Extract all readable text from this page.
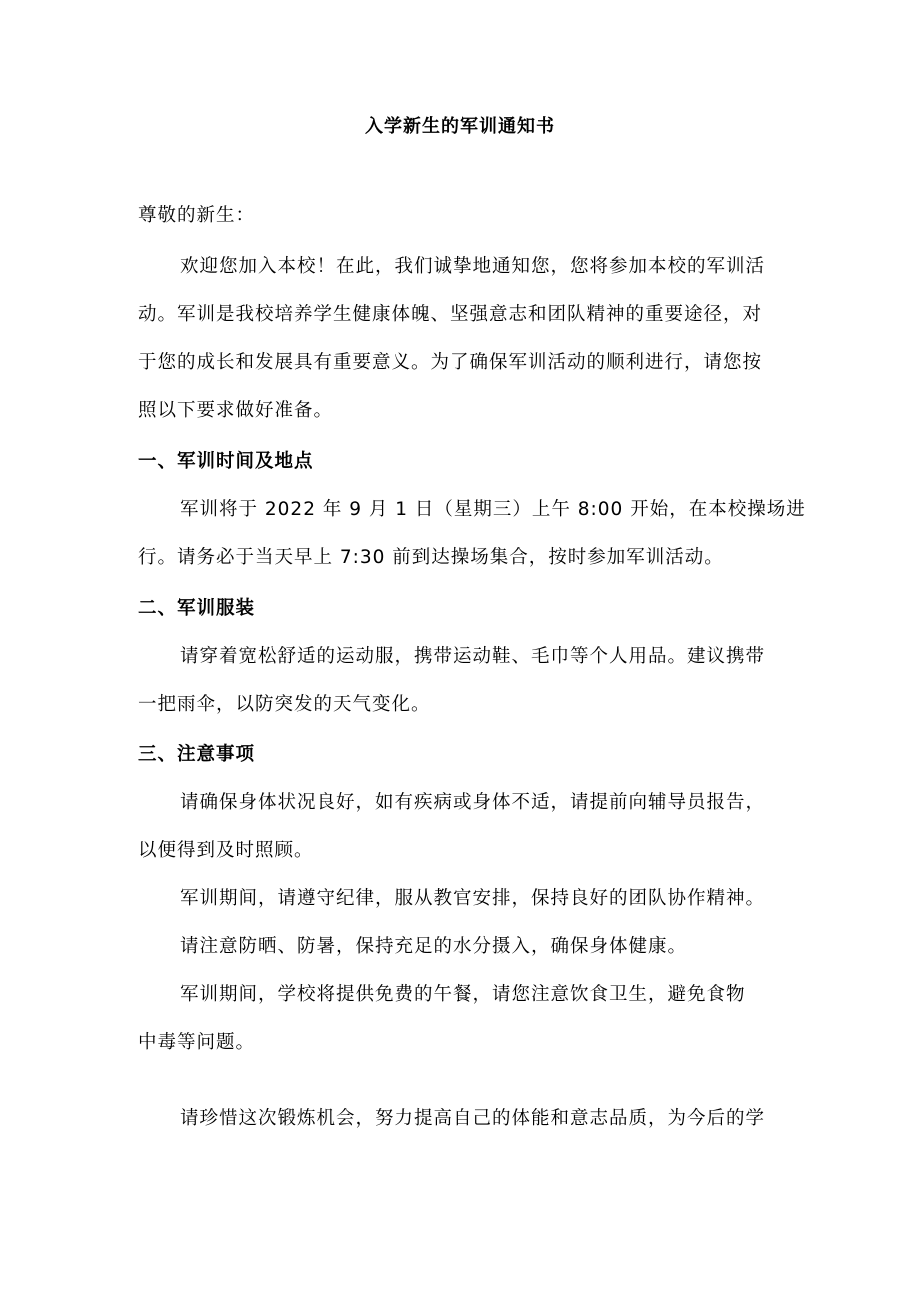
入学新生的军训通知书
尊敬的新生：
欢迎您加入本校！在此，我们诚挚地通知您，您将参加本校的军训活
动。军训是我校培养学生健康体魄、坚强意志和团队精神的重要途径，对
于您的成长和发展具有重要意义。为了确保军训活动的顺利进行，请您按
照以下要求做好准备。
一、军训时间及地点
军训将于 2022 年 9 月 1 日（星期三）上午 8:00 开始，在本校操场进
行。请务必于当天早上 7:30 前到达操场集合，按时参加军训活动。
二、军训服装
请穿着宽松舒适的运动服，携带运动鞋、毛巾等个人用品。建议携带
一把雨伞，以防突发的天气变化。
三、注意事项
请确保身体状况良好，如有疾病或身体不适，请提前向辅导员报告，
以便得到及时照顾。
军训期间，请遵守纪律，服从教官安排，保持良好的团队协作精神。
请注意防晒、防暑，保持充足的水分摄入，确保身体健康。
军训期间，学校将提供免费的午餐，请您注意饮食卫生，避免食物
中毒等问题。
请珍惜这次锻炼机会，努力提高自己的体能和意志品质，为今后的学
